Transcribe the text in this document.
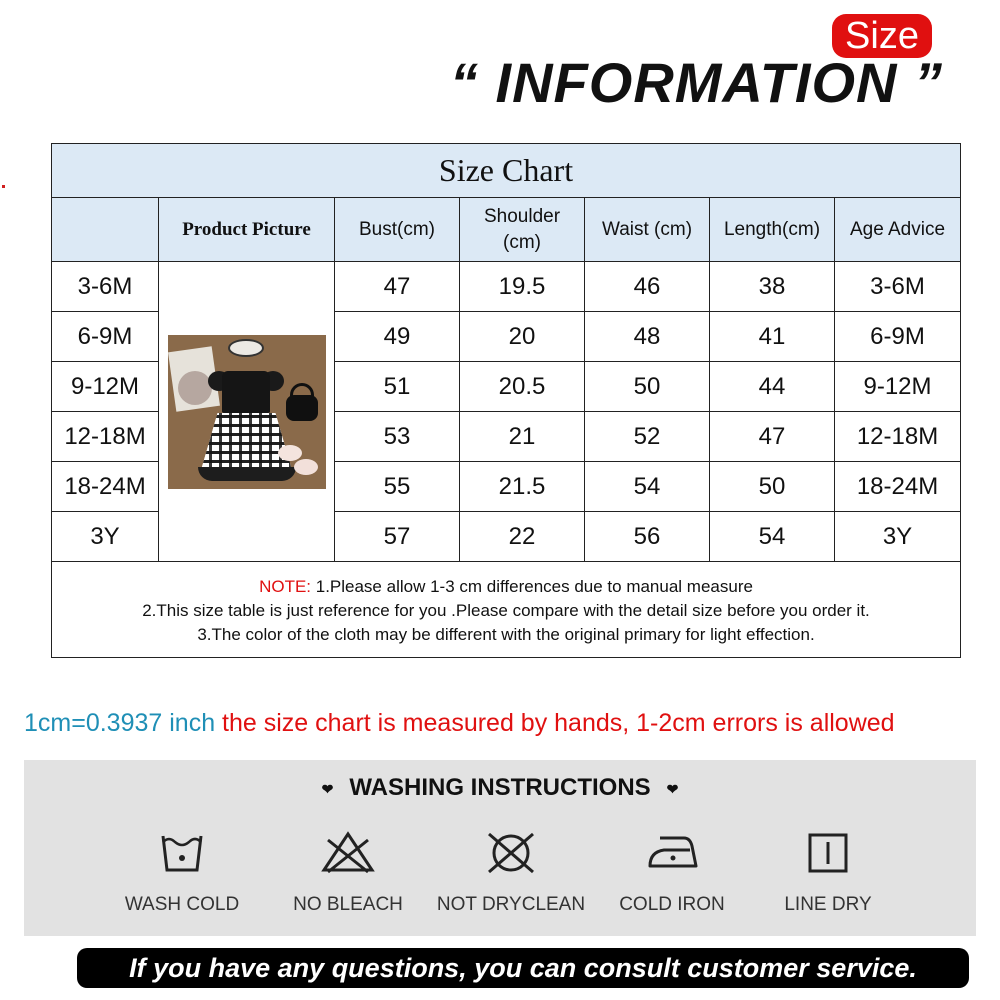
Size
“ INFORMATION ”
Size Chart						
	Product Picture	Bust(cm)	Shoulder (cm)	Waist (cm)	Length(cm)	Age Advice
3-6M		47	19.5	46	38	3-6M
6-9M		49	20	48	41	6-9M
9-12M		51	20.5	50	44	9-12M
12-18M		53	21	52	47	12-18M
18-24M		55	21.5	54	50	18-24M
3Y		57	22	56	54	3Y

NOTE: 1.Please allow 1-3 cm differences due to manual measure
2.This size table is just reference for you .Please compare with the detail size before you order it.
3.The color of the cloth may be different with the original primary for light effection.						
1cm=0.3937 inch the size chart is measured by hands, 1-2cm errors is allowed
❤ WASHING INSTRUCTIONS ❤
WASH COLD	NO BLEACH	NOT DRYCLEAN	COLD IRON	LINE DRY
If you have any questions, you can consult customer service.
